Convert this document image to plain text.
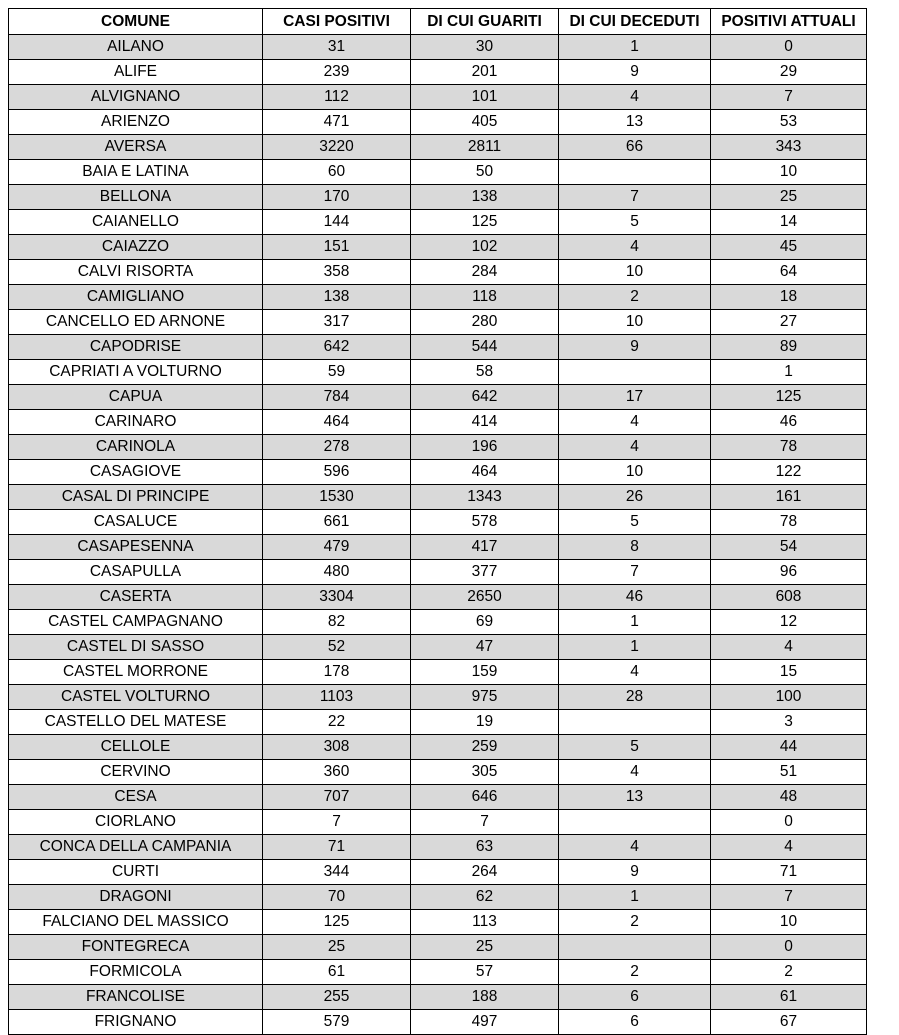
COMUNE	CASI POSITIVI	DI CUI GUARITI	DI CUI DECEDUTI	POSITIVI ATTUALI
AILANO	31	30	1	0
ALIFE	239	201	9	29
ALVIGNANO	112	101	4	7
ARIENZO	471	405	13	53
AVERSA	3220	2811	66	343
BAIA E LATINA	60	50		10
BELLONA	170	138	7	25
CAIANELLO	144	125	5	14
CAIAZZO	151	102	4	45
CALVI RISORTA	358	284	10	64
CAMIGLIANO	138	118	2	18
CANCELLO ED ARNONE	317	280	10	27
CAPODRISE	642	544	9	89
CAPRIATI A VOLTURNO	59	58		1
CAPUA	784	642	17	125
CARINARO	464	414	4	46
CARINOLA	278	196	4	78
CASAGIOVE	596	464	10	122
CASAL DI PRINCIPE	1530	1343	26	161
CASALUCE	661	578	5	78
CASAPESENNA	479	417	8	54
CASAPULLA	480	377	7	96
CASERTA	3304	2650	46	608
CASTEL CAMPAGNANO	82	69	1	12
CASTEL DI SASSO	52	47	1	4
CASTEL MORRONE	178	159	4	15
CASTEL VOLTURNO	1103	975	28	100
CASTELLO DEL MATESE	22	19		3
CELLOLE	308	259	5	44
CERVINO	360	305	4	51
CESA	707	646	13	48
CIORLANO	7	7		0
CONCA DELLA CAMPANIA	71	63	4	4
CURTI	344	264	9	71
DRAGONI	70	62	1	7
FALCIANO DEL MASSICO	125	113	2	10
FONTEGRECA	25	25		0
FORMICOLA	61	57	2	2
FRANCOLISE	255	188	6	61
FRIGNANO	579	497	6	67
